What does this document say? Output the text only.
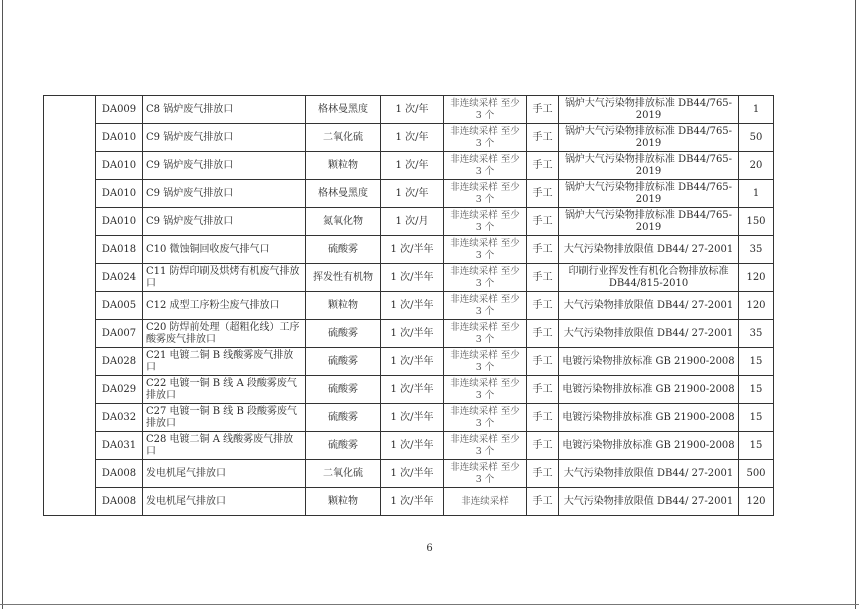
	DA009	C8 锅炉废气排放口	格林曼黑度	1 次/年	非连续采样 至少 3 个	手工	锅炉大气污染物排放标准 DB44/765-2019	1
	DA010	C9 锅炉废气排放口	二氧化硫	1 次/年	非连续采样 至少 3 个	手工	锅炉大气污染物排放标准 DB44/765-2019	50
	DA010	C9 锅炉废气排放口	颗粒物	1 次/年	非连续采样 至少 3 个	手工	锅炉大气污染物排放标准 DB44/765-2019	20
	DA010	C9 锅炉废气排放口	格林曼黑度	1 次/年	非连续采样 至少 3 个	手工	锅炉大气污染物排放标准 DB44/765-2019	1
	DA010	C9 锅炉废气排放口	氮氧化物	1 次/月	非连续采样 至少 3 个	手工	锅炉大气污染物排放标准 DB44/765-2019	150
	DA018	C10 微蚀铜回收废气排气口	硫酸雾	1 次/半年	非连续采样 至少 3 个	手工	大气污染物排放限值 DB44/ 27-2001	35
	DA024	C11 防焊印刷及烘烤有机废气排放口	挥发性有机物	1 次/半年	非连续采样 至少 3 个	手工	印刷行业挥发性有机化合物排放标准 DB44/815-2010	120
	DA005	C12 成型工序粉尘废气排放口	颗粒物	1 次/半年	非连续采样 至少 3 个	手工	大气污染物排放限值 DB44/ 27-2001	120
	DA007	C20 防焊前处理（超粗化线）工序酸雾废气排放口	硫酸雾	1 次/半年	非连续采样 至少 3 个	手工	大气污染物排放限值 DB44/ 27-2001	35
	DA028	C21 电镀二铜 B 线酸雾废气排放口	硫酸雾	1 次/半年	非连续采样 至少 3 个	手工	电镀污染物排放标准 GB 21900-2008	15
	DA029	C22 电镀一铜 B 线 A 段酸雾废气排放口	硫酸雾	1 次/半年	非连续采样 至少 3 个	手工	电镀污染物排放标准 GB 21900-2008	15
	DA032	C27 电镀一铜 B 线 B 段酸雾废气排放口	硫酸雾	1 次/半年	非连续采样 至少 3 个	手工	电镀污染物排放标准 GB 21900-2008	15
	DA031	C28 电镀二铜 A 线酸雾废气排放口	硫酸雾	1 次/半年	非连续采样 至少 3 个	手工	电镀污染物排放标准 GB 21900-2008	15
	DA008	发电机尾气排放口	二氧化硫	1 次/半年	非连续采样 至少 3 个	手工	大气污染物排放限值 DB44/ 27-2001	500
	DA008	发电机尾气排放口	颗粒物	1 次/半年	非连续采样	手工	大气污染物排放限值 DB44/ 27-2001	120
6
